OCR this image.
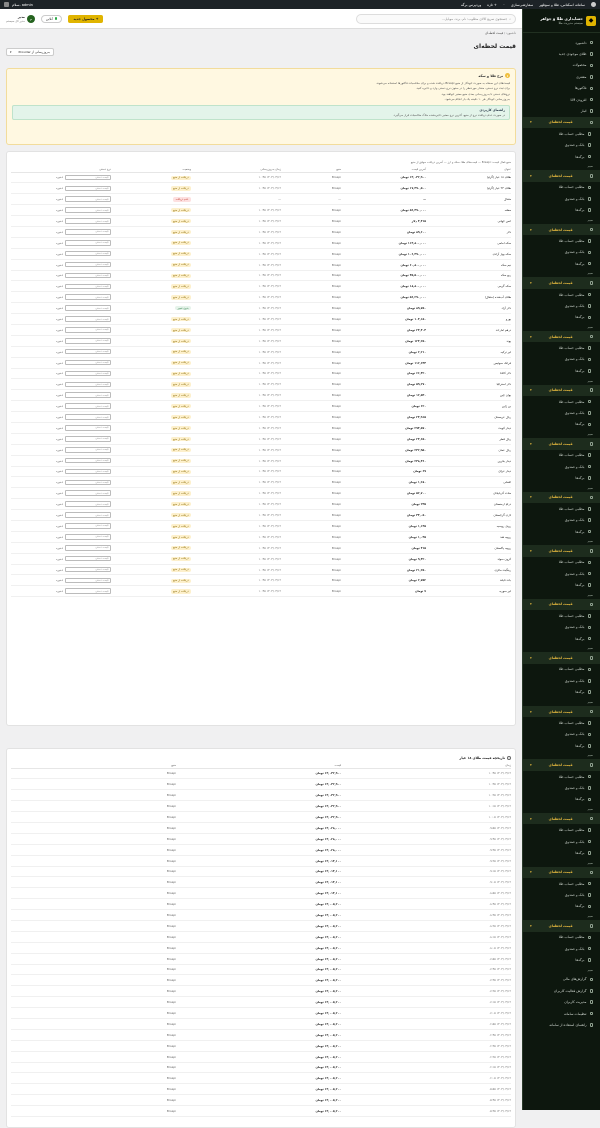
سامانه اسکناس، طلا و سوتلهر
سفارشی‌سازی
۰
+ تازه
وردپرس برگه
سلام، admin
◆
حسابداری طلا و جواهر
سیستم مدیریت طلا
داشبورد
طلای موجودی جدید
محصولات
مشتری
فاکتورها
افزودن LM
انبار
قیمت لحظه‌ای
▾
مطلبی حساب طلا
بانک و صندوق
برگه‌ها
سیم
قیمت لحظه‌ای
▾
مطلبی حساب طلا
بانک و صندوق
برگه‌ها
سیم
قیمت لحظه‌ای
▾
مطلبی حساب طلا
بانک و صندوق
برگه‌ها
سیم
قیمت لحظه‌ای
▾
مطلبی حساب طلا
بانک و صندوق
برگه‌ها
سیم
قیمت لحظه‌ای
▾
مطلبی حساب طلا
بانک و صندوق
برگه‌ها
سیم
قیمت لحظه‌ای
▾
مطلبی حساب طلا
بانک و صندوق
برگه‌ها
سیم
قیمت لحظه‌ای
▾
مطلبی حساب طلا
بانک و صندوق
برگه‌ها
سیم
قیمت لحظه‌ای
▾
مطلبی حساب طلا
بانک و صندوق
برگه‌ها
سیم
قیمت لحظه‌ای
▾
مطلبی حساب طلا
بانک و صندوق
برگه‌ها
سیم
قیمت لحظه‌ای
▾
مطلبی حساب طلا
بانک و صندوق
برگه‌ها
سیم
قیمت لحظه‌ای
▾
مطلبی حساب طلا
بانک و صندوق
برگه‌ها
سیم
قیمت لحظه‌ای
▾
مطلبی حساب طلا
بانک و صندوق
برگه‌ها
سیم
قیمت لحظه‌ای
▾
مطلبی حساب طلا
بانک و صندوق
برگه‌ها
سیم
قیمت لحظه‌ای
▾
مطلبی حساب طلا
بانک و صندوق
برگه‌ها
سیم
قیمت لحظه‌ای
▾
مطلبی حساب طلا
بانک و صندوق
برگه‌ها
سیم
قیمت لحظه‌ای
▾
مطلبی حساب طلا
بانک و صندوق
برگه‌ها
سیم
گزارش‌های مالی
گزارش فعالیت کاربران
مدیریت کاربران
تنظیمات سامانه
راهنمای استفاده از سامانه
⌕
جستجوی سریع کالای مطلوب: نام، برند، موبایل...
+ محصول جدید
آنلاین
م
مدیر
مدیر کل سیستم
داشبورد / قیمت لحظه‌ای
قیمت لحظه‌ای
به‌روزرسانی از Provider
▾
i
نرخ طلا و سکه

قیمت‌های این صفحه به صورت خودکار از منبع Brsapi دریافت شده و برای محاسبات فاکتورها استفاده می‌شوند.

برای ثبت نرخ دستی، مقدار موردنظر را در ستون نرخ دستی وارد و ذخیره کنید.

نرخ‌های دستی تا به‌روزرسانی بعدی منبع معتبر خواهند بود.

به‌روزرسانی خودکار هر ۱۰ دقیقه یک بار انجام می‌شود.

راهنمای کاربردی
در صورت عدم دریافت نرخ از منبع، آخرین نرخ معتبر ذخیره‌شده ملاک محاسبات قرار می‌گیرد.
منبع فعال قیمت: Brsapi — قیمت‌های طلا، سکه و ارز — آخرین دریافت موفق از منبع
عنوان	آخرین قیمت	منبع	زمان به‌روزرسانی	وضعیت	نرخ دستی
طلای ۱۸ عیار (گرم)	۱۳,۰۴۲,۹۰۰ تومان	Brsapi	۱۴۰۴/۰۴/۱۲ ۱۰:۴۵	دریافت از منبع	قیمت دستی
ذخیره

طلای ۲۴ عیار (گرم)	۱۷,۳۹۰,۵۰۰ تومان	Brsapi	۱۴۰۴/۰۴/۱۲ ۱۰:۴۵	دریافت از منبع	قیمت دستی
ذخیره

مثقال	—	—	—	عدم دریافت	قیمت دستی
ذخیره

مظنه	۵۶,۴۹۰,۰۰۰ تومان	Brsapi	۱۴۰۴/۰۴/۱۲ ۱۰:۴۵	دریافت از منبع	قیمت دستی
ذخیره

انس جهانی	۳,۳۱۵ دلار	Brsapi	۱۴۰۴/۰۴/۱۲ ۱۰:۴۵	دریافت از منبع	قیمت دستی
ذخیره

دلار	۸۹,۶۰۰ تومان	Brsapi	۱۴۰۴/۰۴/۱۲ ۱۰:۴۵	دریافت از منبع	قیمت دستی
ذخیره

سکه امامی	۱۱۴,۸۰۰,۰۰۰ تومان	Brsapi	۱۴۰۴/۰۴/۱۲ ۱۰:۴۵	دریافت از منبع	قیمت دستی
ذخیره

سکه بهار آزادی	۱۰۶,۳۹۰,۰۰۰ تومان	Brsapi	۱۴۰۴/۰۴/۱۲ ۱۰:۴۵	دریافت از منبع	قیمت دستی
ذخیره

نیم سکه	۶۰,۸۰۰,۰۰۰ تومان	Brsapi	۱۴۰۴/۰۴/۱۲ ۱۰:۴۵	دریافت از منبع	قیمت دستی
ذخیره

ربع سکه	۳۵,۵۰۰,۰۰۰ تومان	Brsapi	۱۴۰۴/۰۴/۱۲ ۱۰:۴۵	دریافت از منبع	قیمت دستی
ذخیره

سکه گرمی	۱۸,۸۰۰,۰۰۰ تومان	Brsapi	۱۴۰۴/۰۴/۱۲ ۱۰:۴۵	دریافت از منبع	قیمت دستی
ذخیره

طلای آب‌شده (مثقال)	۵۶,۲۹۰,۰۰۰ تومان	Brsapi	۱۴۰۴/۰۴/۱۲ ۱۰:۴۵	دریافت از منبع	قیمت دستی
ذخیره

دلار آزاد	۸۹,۷۵۰ تومان	Brsapi	۱۴۰۴/۰۴/۱۲ ۱۰:۴۵	بدون تغییر	قیمت دستی
ذخیره

یورو	۱۰۴,۱۵۰ تومان	Brsapi	۱۴۰۴/۰۴/۱۲ ۱۰:۴۵	دریافت از منبع	قیمت دستی
ذخیره

درهم امارات	۲۴,۴۰۳ تومان	Brsapi	۱۴۰۴/۰۴/۱۲ ۱۰:۴۵	دریافت از منبع	قیمت دستی
ذخیره

پوند	۱۲۳,۲۵۰ تومان	Brsapi	۱۴۰۴/۰۴/۱۲ ۱۰:۴۵	دریافت از منبع	قیمت دستی
ذخیره

لیر ترکیه	۲,۲۱۰ تومان	Brsapi	۱۴۰۴/۰۴/۱۲ ۱۰:۴۵	دریافت از منبع	قیمت دستی
ذخیره

فرانک سوئیس	۱۱۲,۶۴۳ تومان	Brsapi	۱۴۰۴/۰۴/۱۲ ۱۰:۴۵	دریافت از منبع	قیمت دستی
ذخیره

دلار کانادا	۶۶,۴۲۰ تومان	Brsapi	۱۴۰۴/۰۴/۱۲ ۱۰:۴۵	دریافت از منبع	قیمت دستی
ذخیره

دلار استرالیا	۵۹,۲۷۰ تومان	Brsapi	۱۴۰۴/۰۴/۱۲ ۱۰:۴۵	دریافت از منبع	قیمت دستی
ذخیره

یوان چین	۱۲,۵۳۰ تومان	Brsapi	۱۴۰۴/۰۴/۱۲ ۱۰:۴۵	دریافت از منبع	قیمت دستی
ذخیره

ین ژاپن	۶۲۰ تومان	Brsapi	۱۴۰۴/۰۴/۱۲ ۱۰:۴۵	دریافت از منبع	قیمت دستی
ذخیره

ریال عربستان	۲۳,۹۱۵ تومان	Brsapi	۱۴۰۴/۰۴/۱۲ ۱۰:۴۵	دریافت از منبع	قیمت دستی
ذخیره

دینار کویت	۲۹۳,۵۷۰ تومان	Brsapi	۱۴۰۴/۰۴/۱۲ ۱۰:۴۵	دریافت از منبع	قیمت دستی
ذخیره

ریال قطر	۲۴,۶۵۰ تومان	Brsapi	۱۴۰۴/۰۴/۱۲ ۱۰:۴۵	دریافت از منبع	قیمت دستی
ذخیره

ریال عمان	۲۳۲,۹۵۰ تومان	Brsapi	۱۴۰۴/۰۴/۱۲ ۱۰:۴۵	دریافت از منبع	قیمت دستی
ذخیره

دینار بحرین	۲۳۸,۳۶۰ تومان	Brsapi	۱۴۰۴/۰۴/۱۲ ۱۰:۴۵	دریافت از منبع	قیمت دستی
ذخیره

دینار عراق	۶۹ تومان	Brsapi	۱۴۰۴/۰۴/۱۲ ۱۰:۴۵	دریافت از منبع	قیمت دستی
ذخیره

افغانی	۱,۲۸۰ تومان	Brsapi	۱۴۰۴/۰۴/۱۲ ۱۰:۴۵	دریافت از منبع	قیمت دستی
ذخیره

منات آذربایجان	۵۲,۷۰۰ تومان	Brsapi	۱۴۰۴/۰۴/۱۲ ۱۰:۴۵	دریافت از منبع	قیمت دستی
ذخیره

درام ارمنستان	۲۳۵ تومان	Brsapi	۱۴۰۴/۰۴/۱۲ ۱۰:۴۵	دریافت از منبع	قیمت دستی
ذخیره

لاری گرجستان	۳۳,۰۵۰ تومان	Brsapi	۱۴۰۴/۰۴/۱۲ ۱۰:۴۵	دریافت از منبع	قیمت دستی
ذخیره

روبل روسیه	۱,۱۴۵ تومان	Brsapi	۱۴۰۴/۰۴/۱۲ ۱۰:۴۵	دریافت از منبع	قیمت دستی
ذخیره

روپیه هند	۱,۰۴۵ تومان	Brsapi	۱۴۰۴/۰۴/۱۲ ۱۰:۴۵	دریافت از منبع	قیمت دستی
ذخیره

روپیه پاکستان	۳۱۵ تومان	Brsapi	۱۴۰۴/۰۴/۱۲ ۱۰:۴۵	دریافت از منبع	قیمت دستی
ذخیره

کرون سوئد	۹,۳۲۰ تومان	Brsapi	۱۴۰۴/۰۴/۱۲ ۱۰:۴۵	دریافت از منبع	قیمت دستی
ذخیره

رینگیت مالزی	۲۱,۲۵۰ تومان	Brsapi	۱۴۰۴/۰۴/۱۲ ۱۰:۴۵	دریافت از منبع	قیمت دستی
ذخیره

بات تایلند	۲,۷۵۲ تومان	Brsapi	۱۴۰۴/۰۴/۱۲ ۱۰:۴۵	دریافت از منبع	قیمت دستی
ذخیره

لیر سوریه	۷ تومان	Brsapi	۱۴۰۴/۰۴/۱۲ ۱۰:۴۵	دریافت از منبع	قیمت دستی
ذخیره
تاریخچه قیمت طلای ۱۸ عیار
زمان	قیمت	منبع
۱۴۰۴/۰۴/۱۲ ۱۰:۴۵	۱۳,۰۴۲,۹۰۰ تومان	Brsapi
۱۴۰۴/۰۴/۱۲ ۱۰:۳۵	۱۳,۰۴۲,۹۰۰ تومان	Brsapi
۱۴۰۴/۰۴/۱۲ ۱۰:۲۵	۱۳,۰۴۲,۹۰۰ تومان	Brsapi
۱۴۰۴/۰۴/۱۲ ۱۰:۱۵	۱۳,۰۴۲,۹۰۰ تومان	Brsapi
۱۴۰۴/۰۴/۱۲ ۱۰:۰۵	۱۳,۰۴۲,۹۰۰ تومان	Brsapi
۱۴۰۴/۰۴/۱۲ ۰۹:۵۵	۱۳,۰۲۸,۰۰۰ تومان	Brsapi
۱۴۰۴/۰۴/۱۲ ۰۹:۴۵	۱۳,۰۲۸,۰۰۰ تومان	Brsapi
۱۴۰۴/۰۴/۱۲ ۰۹:۳۵	۱۳,۰۲۸,۰۰۰ تومان	Brsapi
۱۴۰۴/۰۴/۱۲ ۰۹:۲۵	۱۳,۰۱۳,۱۰۰ تومان	Brsapi
۱۴۰۴/۰۴/۱۲ ۰۹:۱۵	۱۳,۰۱۳,۱۰۰ تومان	Brsapi
۱۴۰۴/۰۴/۱۲ ۰۹:۰۵	۱۳,۰۱۳,۱۰۰ تومان	Brsapi
۱۴۰۴/۰۴/۱۲ ۰۸:۵۵	۱۳,۰۱۳,۱۰۰ تومان	Brsapi
۱۴۰۴/۰۴/۱۲ ۰۸:۴۵	۱۳,۰۰۵,۲۰۰ تومان	Brsapi
۱۴۰۴/۰۴/۱۲ ۰۸:۳۵	۱۳,۰۰۵,۲۰۰ تومان	Brsapi
۱۴۰۴/۰۴/۱۲ ۰۸:۲۵	۱۳,۰۰۵,۲۰۰ تومان	Brsapi
۱۴۰۴/۰۴/۱۲ ۰۸:۱۵	۱۳,۰۰۵,۲۰۰ تومان	Brsapi
۱۴۰۴/۰۴/۱۲ ۰۸:۰۵	۱۳,۰۰۵,۲۰۰ تومان	Brsapi
۱۴۰۴/۰۴/۱۲ ۰۷:۵۵	۱۳,۰۰۵,۲۰۰ تومان	Brsapi
۱۴۰۴/۰۴/۱۲ ۰۷:۴۵	۱۳,۰۰۵,۲۰۰ تومان	Brsapi
۱۴۰۴/۰۴/۱۲ ۰۷:۳۵	۱۳,۰۰۵,۲۰۰ تومان	Brsapi
۱۴۰۴/۰۴/۱۲ ۰۷:۲۵	۱۳,۰۰۵,۲۰۰ تومان	Brsapi
۱۴۰۴/۰۴/۱۲ ۰۷:۱۵	۱۳,۰۰۵,۲۰۰ تومان	Brsapi
۱۴۰۴/۰۴/۱۲ ۰۷:۰۵	۱۳,۰۰۵,۲۰۰ تومان	Brsapi
۱۴۰۴/۰۴/۱۲ ۰۶:۵۵	۱۳,۰۰۵,۲۰۰ تومان	Brsapi
۱۴۰۴/۰۴/۱۲ ۰۶:۴۵	۱۳,۰۰۵,۲۰۰ تومان	Brsapi
۱۴۰۴/۰۴/۱۲ ۰۶:۳۵	۱۳,۰۰۵,۲۰۰ تومان	Brsapi
۱۴۰۴/۰۴/۱۲ ۰۶:۲۵	۱۳,۰۰۵,۲۰۰ تومان	Brsapi
۱۴۰۴/۰۴/۱۲ ۰۶:۱۵	۱۳,۰۰۵,۲۰۰ تومان	Brsapi
۱۴۰۴/۰۴/۱۲ ۰۶:۰۵	۱۳,۰۰۵,۲۰۰ تومان	Brsapi
۱۴۰۴/۰۴/۱۲ ۰۵:۵۵	۱۳,۰۰۵,۲۰۰ تومان	Brsapi
۱۴۰۴/۰۴/۱۲ ۰۵:۴۵	۱۳,۰۰۵,۲۰۰ تومان	Brsapi
۱۴۰۴/۰۴/۱۲ ۰۵:۳۵	۱۳,۰۰۵,۲۰۰ تومان	Brsapi
